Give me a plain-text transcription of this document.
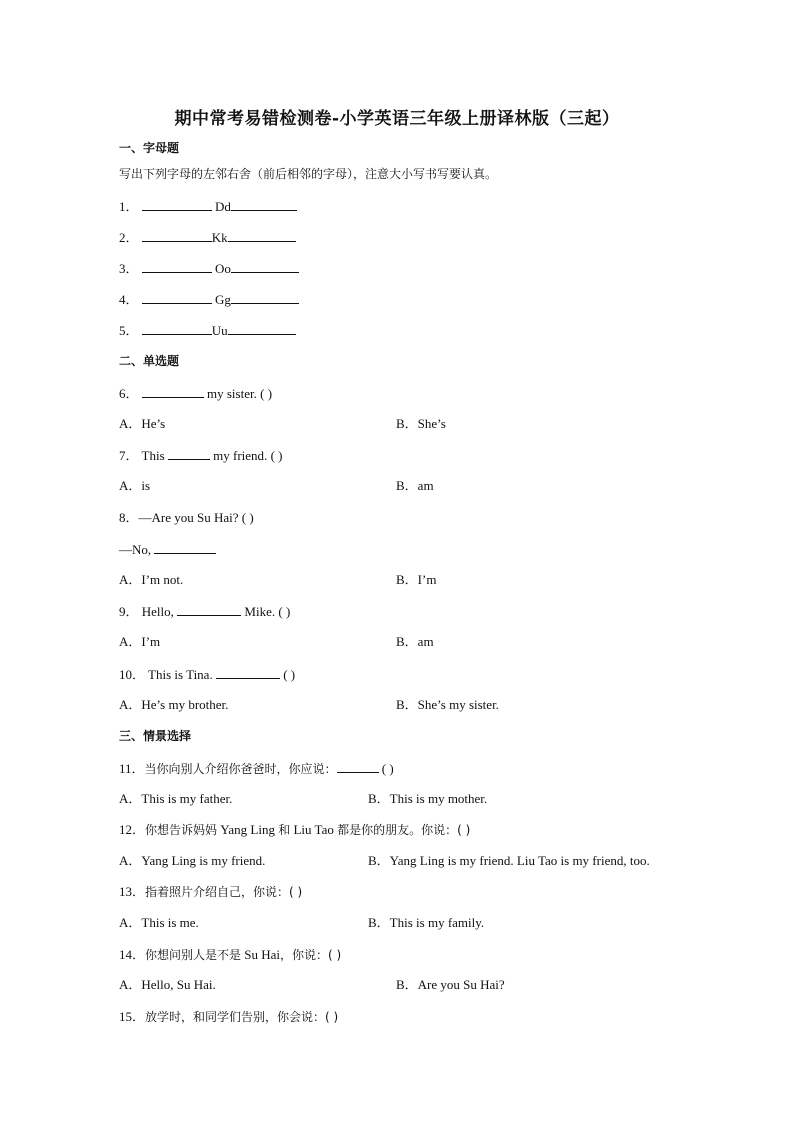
期中常考易错检测卷-小学英语三年级上册译林版（三起）
一、字母题
写出下列字母的左邻右舍（前后相邻的字母），注意大小写书写要认真。
1．	Dd
2．	Kk
3．	Oo
4．	Gg
5．	Uu
二、单选题
6．	my sister. ( )
A．He’s	B．She’s
7． This	my friend. ( )
A．is	B．am
8．—Are you Su Hai? ( )
—No,
A．I’m not.	B．I’m
9． Hello,	Mike. ( )
A．I’m	B．am
10． This is Tina.	( )
A．He’s my brother.	B．She’s my sister.
三、情景选择
11．当你向别人介绍你爸爸时，你应说：	( )
A．This is my father.	B．This is my mother.
12．你想告诉妈妈 Yang Ling 和 Liu Tao 都是你的朋友。你说：( )
A．Yang Ling is my friend.	B．Yang Ling is my friend. Liu Tao is my friend, too.
13．指着照片介绍自己，你说：( )
A．This is me.	B．This is my family.
14．你想问别人是不是 Su Hai，你说：( )
A．Hello, Su Hai.	B．Are you Su Hai?
15．放学时，和同学们告别，你会说：( )
